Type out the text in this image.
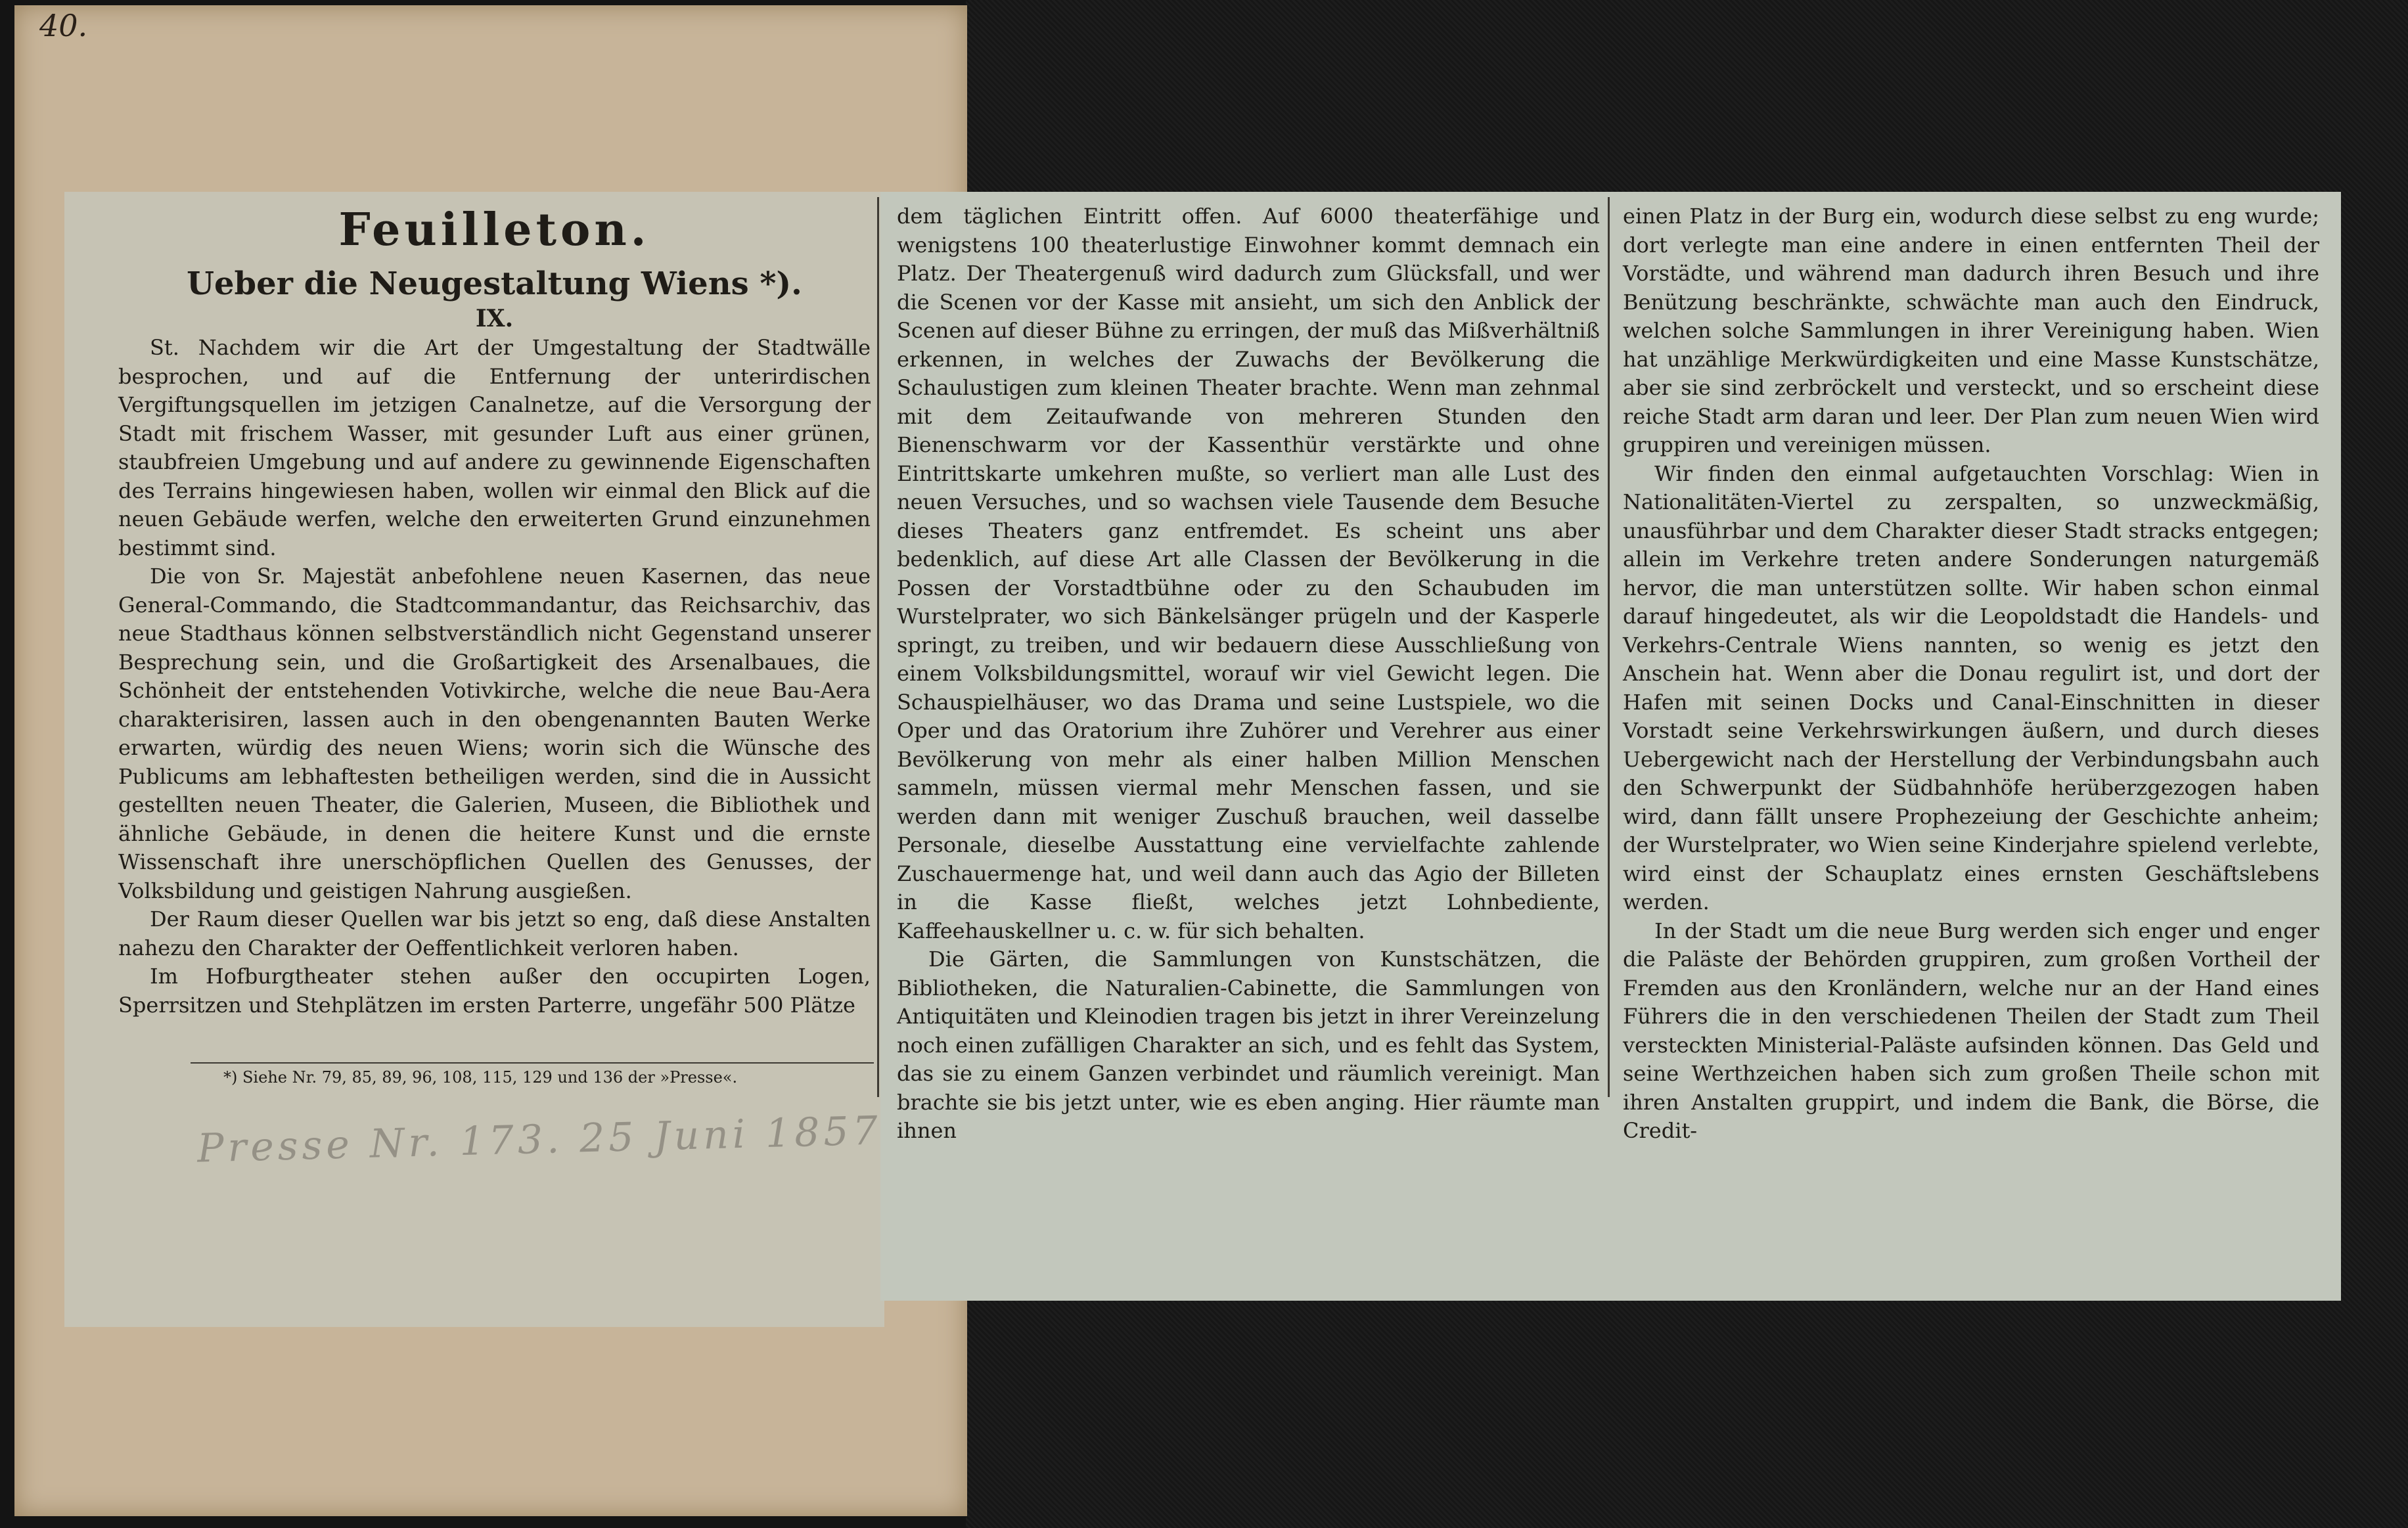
40.
Feuilleton.
Ueber die Neugestaltung Wiens *).
IX.

St. Nachdem wir die Art der Umgestaltung der Stadtwälle besprochen, und auf die Entfernung der unterirdischen Vergiftungsquellen im jetzigen Canalnetze, auf die Versorgung der Stadt mit frischem Wasser, mit gesunder Luft aus einer grünen, staubfreien Umgebung und auf andere zu gewinnende Eigenschaften des Terrains hingewiesen haben, wollen wir einmal den Blick auf die neuen Gebäude werfen, welche den erweiterten Grund einzunehmen bestimmt sind.

Die von Sr. Majestät anbefohlene neuen Kasernen, das neue General-Commando, die Stadtcommandantur, das Reichsarchiv, das neue Stadthaus können selbstverständlich nicht Gegenstand unserer Besprechung sein, und die Großartigkeit des Arsenalbaues, die Schönheit der entstehenden Votivkirche, welche die neue Bau-Aera charakterisiren, lassen auch in den obengenannten Bauten Werke erwarten, würdig des neuen Wiens; worin sich die Wünsche des Publicums am lebhaftesten betheiligen werden, sind die in Aussicht gestellten neuen Theater, die Galerien, Museen, die Bibliothek und ähnliche Gebäude, in denen die heitere Kunst und die ernste Wissenschaft ihre unerschöpflichen Quellen des Genusses, der Volksbildung und geistigen Nahrung ausgießen.

Der Raum dieser Quellen war bis jetzt so eng, daß diese Anstalten nahezu den Charakter der Oeffentlichkeit verloren haben.

Im Hofburgtheater stehen außer den occupirten Logen, Sperrsitzen und Stehplätzen im ersten Parterre, ungefähr 500 Plätze

*) Siehe Nr. 79, 85, 89, 96, 108, 115, 129 und 136 der »Presse«.
Presse Nr. 173. 25 Juni 1857

dem täglichen Eintritt offen. Auf 6000 theaterfähige und wenigstens 100 theaterlustige Einwohner kommt demnach ein Platz. Der Theatergenuß wird dadurch zum Glücksfall, und wer die Scenen vor der Kasse mit ansieht, um sich den Anblick der Scenen auf dieser Bühne zu erringen, der muß das Mißverhältniß erkennen, in welches der Zuwachs der Bevölkerung die Schaulustigen zum kleinen Theater brachte. Wenn man zehnmal mit dem Zeitaufwande von mehreren Stunden den Bienenschwarm vor der Kassenthür verstärkte und ohne Eintrittskarte umkehren mußte, so verliert man alle Lust des neuen Versuches, und so wachsen viele Tausende dem Besuche dieses Theaters ganz entfremdet. Es scheint uns aber bedenklich, auf diese Art alle Classen der Bevölkerung in die Possen der Vorstadtbühne oder zu den Schaubuden im Wurstelprater, wo sich Bänkelsänger prügeln und der Kasperle springt, zu treiben, und wir bedauern diese Ausschließung von einem Volksbildungsmittel, worauf wir viel Gewicht legen. Die Schauspielhäuser, wo das Drama und seine Lustspiele, wo die Oper und das Oratorium ihre Zuhörer und Verehrer aus einer Bevölkerung von mehr als einer halben Million Menschen sammeln, müssen viermal mehr Menschen fassen, und sie werden dann mit weniger Zuschuß brauchen, weil dasselbe Personale, dieselbe Ausstattung eine vervielfachte zahlende Zuschauermenge hat, und weil dann auch das Agio der Billeten in die Kasse fließt, welches jetzt Lohnbediente, Kaffeehauskellner u. c. w. für sich behalten.

Die Gärten, die Sammlungen von Kunstschätzen, die Bibliotheken, die Naturalien-Cabinette, die Sammlungen von Antiquitäten und Kleinodien tragen bis jetzt in ihrer Vereinzelung noch einen zufälligen Charakter an sich, und es fehlt das System, das sie zu einem Ganzen verbindet und räumlich vereinigt. Man brachte sie bis jetzt unter, wie es eben anging. Hier räumte man ihnen

einen Platz in der Burg ein, wodurch diese selbst zu eng wurde; dort verlegte man eine andere in einen entfernten Theil der Vorstädte, und während man dadurch ihren Besuch und ihre Benützung beschränkte, schwächte man auch den Eindruck, welchen solche Sammlungen in ihrer Vereinigung haben. Wien hat unzählige Merkwürdigkeiten und eine Masse Kunstschätze, aber sie sind zerbröckelt und versteckt, und so erscheint diese reiche Stadt arm daran und leer. Der Plan zum neuen Wien wird gruppiren und vereinigen müssen.

Wir finden den einmal aufgetauchten Vorschlag: Wien in Nationalitäten-Viertel zu zerspalten, so unzweckmäßig, unausführbar und dem Charakter dieser Stadt stracks entgegen; allein im Verkehre treten andere Sonderungen naturgemäß hervor, die man unterstützen sollte. Wir haben schon einmal darauf hingedeutet, als wir die Leopoldstadt die Handels- und Verkehrs-Centrale Wiens nannten, so wenig es jetzt den Anschein hat. Wenn aber die Donau regulirt ist, und dort der Hafen mit seinen Docks und Canal-Einschnitten in dieser Vorstadt seine Verkehrswirkungen äußern, und durch dieses Uebergewicht nach der Herstellung der Verbindungsbahn auch den Schwerpunkt der Südbahnhöfe herüberzgezogen haben wird, dann fällt unsere Prophezeiung der Geschichte anheim; der Wurstelprater, wo Wien seine Kinderjahre spielend verlebte, wird einst der Schauplatz eines ernsten Geschäftslebens werden.

In der Stadt um die neue Burg werden sich enger und enger die Paläste der Behörden gruppiren, zum großen Vortheil der Fremden aus den Kronländern, welche nur an der Hand eines Führers die in den verschiedenen Theilen der Stadt zum Theil versteckten Ministerial-Paläste aufsinden können. Das Geld und seine Werthzeichen haben sich zum großen Theile schon mit ihren Anstalten gruppirt, und indem die Bank, die Börse, die Credit-
